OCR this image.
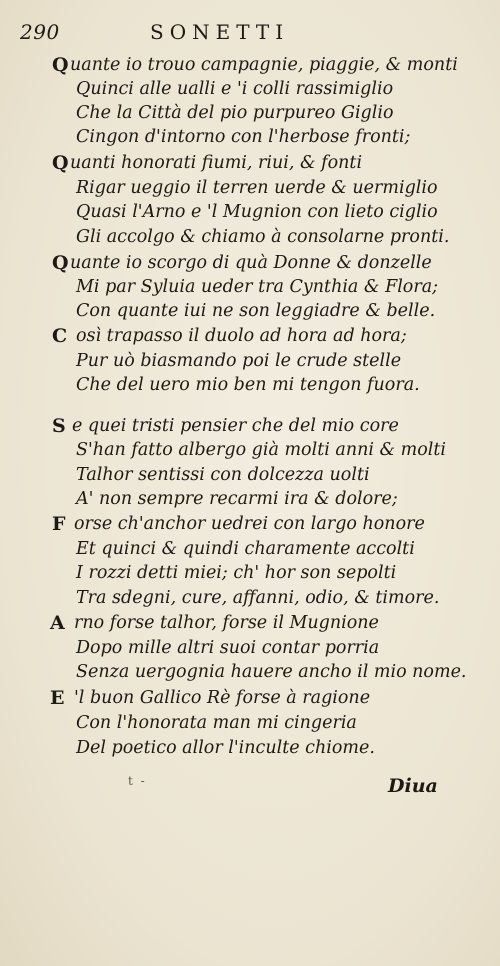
290	SONETTI
Q uante io trouo campagnie, piaggie, & monti
Quinci alle ualli e 'i colli rassimiglio
Che la Città del pio purpureo Giglio
Cingon d'intorno con l'herbose fronti;
Q uanti honorati fiumi, riui, & fonti
Rigar ueggio il terren uerde & uermiglio
Quasi l'Arno e 'l Mugnion con lieto ciglio
Gli accolgo & chiamo à consolarne pronti.
Q uante io scorgo di quà Donne & donzelle
Mi par Syluia ueder tra Cynthia & Flora;
Con quante iui ne son leggiadre & belle.
C osì trapasso il duolo ad hora ad hora;
Pur uò biasmando poi le crude stelle
Che del uero mio ben mi tengon fuora.
S e quei tristi pensier che del mio core
S'han fatto albergo già molti anni & molti
Talhor sentissi con dolcezza uolti
A' non sempre recarmi ira & dolore;
F orse ch'anchor uedrei con largo honore
Et quinci & quindi charamente accolti
I rozzi detti miei; ch' hor son sepolti
Tra sdegni, cure, affanni, odio, & timore.
A rno forse talhor, forse il Mugnione
Dopo mille altri suoi contar porria
Senza uergognia hauere ancho il mio nome.
E 'l buon Gallico Rè forse à ragione
Con l'honorata man mi cingeria
Del poetico allor l'inculte chiome.
t -	Diua
